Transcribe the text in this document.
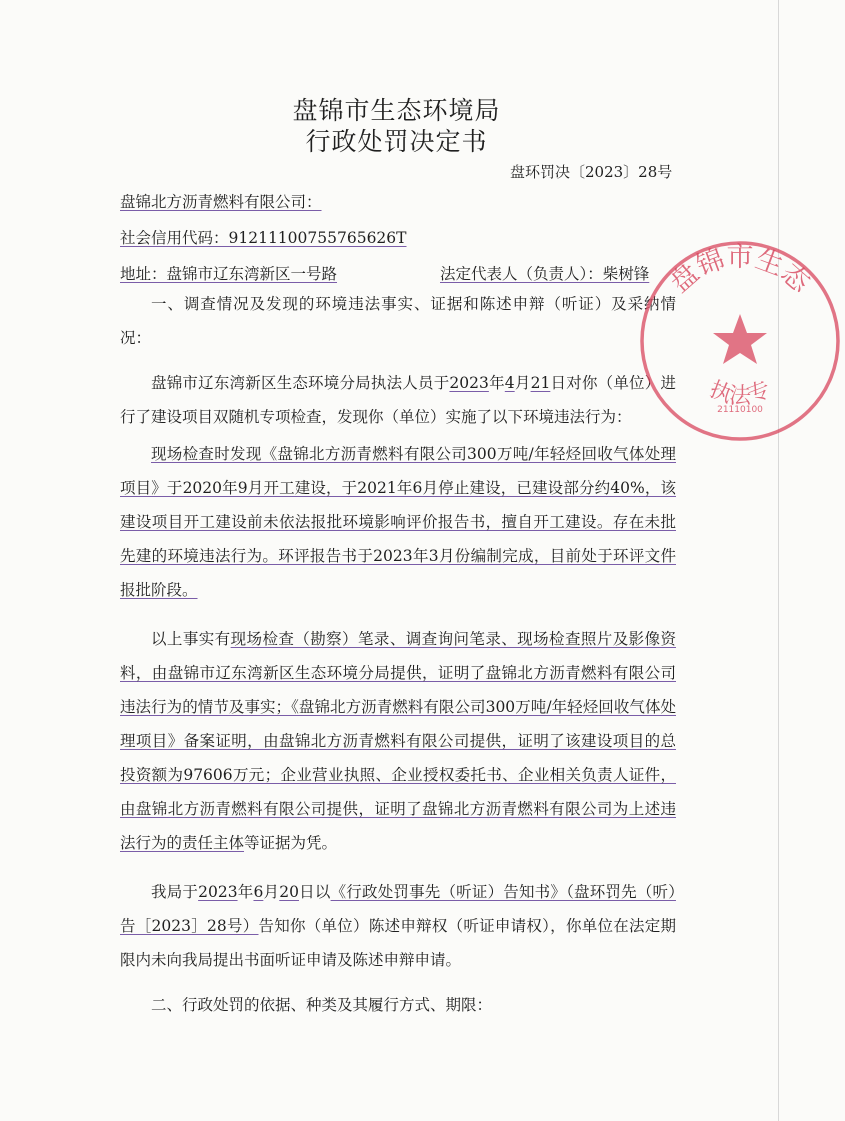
盘锦市生态环境局
行政处罚决定书
盘环罚决〔2023〕28号
盘锦北方沥青燃料有限公司：
社会信用代码：91211100755765626T
地址：盘锦市辽东湾新区一号路	法定代表人（负责人）：柴树锋

一、调查情况及发现的环境违法事实、证据和陈述申辩（听证）及采纳情况：

盘锦市辽东湾新区生态环境分局执法人员于2023年4月21日对你（单位）进行了建设项目双随机专项检查，发现你（单位）实施了以下环境违法行为：

现场检查时发现《盘锦北方沥青燃料有限公司300万吨/年轻烃回收气体处理项目》于2020年9月开工建设，于2021年6月停止建设，已建设部分约40%，该建设项目开工建设前未依法报批环境影响评价报告书，擅自开工建设。存在未批先建的环境违法行为。环评报告书于2023年3月份编制完成，目前处于环评文件报批阶段。

以上事实有现场检查（勘察）笔录、调查询问笔录、现场检查照片及影像资料，由盘锦市辽东湾新区生态环境分局提供，证明了盘锦北方沥青燃料有限公司违法行为的情节及事实；《盘锦北方沥青燃料有限公司300万吨/年轻烃回收气体处理项目》备案证明，由盘锦北方沥青燃料有限公司提供，证明了该建设项目的总投资额为97606万元；企业营业执照、企业授权委托书、企业相关负责人证件，由盘锦北方沥青燃料有限公司提供，证明了盘锦北方沥青燃料有限公司为上述违法行为的责任主体等证据为凭。

我局于2023年6月20日以《行政处罚事先（听证）告知书》（盘环罚先（听）告［2023］28号）告知你（单位）陈述申辩权（听证申请权），你单位在法定期限内未向我局提出书面听证申请及陈述申辩申请。

二、行政处罚的依据、种类及其履行方式、期限：

盘锦市生态
执法专
21110100
